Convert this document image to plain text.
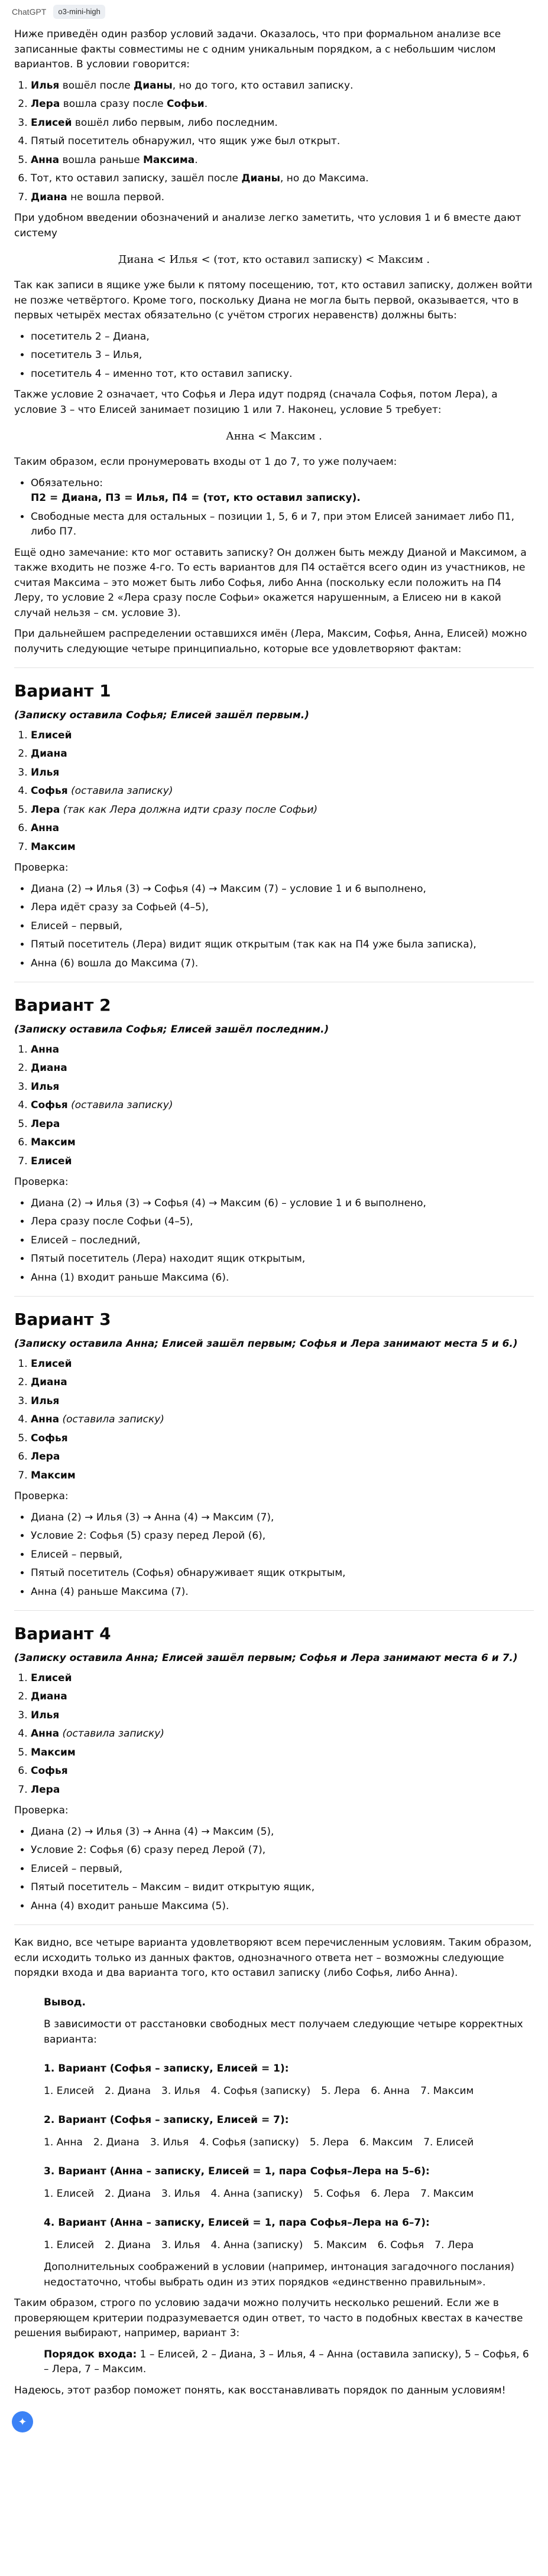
ChatGPT	o3-mini-high

Ниже приведён один разбор условий задачи. Оказалось, что при формальном анализе все записанные факты совместимы не с одним уникальным порядком, а с небольшим числом вариантов. В условии говорится:

1. Илья вошёл после Дианы, но до того, кто оставил записку.
2. Лера вошла сразу после Софьи.
3. Елисей вошёл либо первым, либо последним.
4. Пятый посетитель обнаружил, что ящик уже был открыт.
5. Анна вошла раньше Максима.
6. Тот, кто оставил записку, зашёл после Дианы, но до Максима.
7. Диана не вошла первой.

При удобном введении обозначений и анализе легко заметить, что условия 1 и 6 вместе дают систему

Диана < Илья < (тот, кто оставил записку) < Максим .

Так как записи в ящике уже были к пятому посещению, тот, кто оставил записку, должен войти не позже четвёртого. Кроме того, поскольку Диана не могла быть первой, оказывается, что в первых четырёх местах обязательно (с учётом строгих неравенств) должны быть:

• посетитель 2 – Диана,
• посетитель 3 – Илья,
• посетитель 4 – именно тот, кто оставил записку.

Также условие 2 означает, что Софья и Лера идут подряд (сначала Софья, потом Лера), а условие 3 – что Елисей занимает позицию 1 или 7. Наконец, условие 5 требует:

Анна < Максим .

Таким образом, если пронумеровать входы от 1 до 7, то уже получаем:

• Обязательно:
П2 = Диана, П3 = Илья, П4 = (тот, кто оставил записку).
• Свободные места для остальных – позиции 1, 5, 6 и 7, при этом Елисей занимает либо П1, либо П7.

Ещё одно замечание: кто мог оставить записку? Он должен быть между Дианой и Максимом, а также входить не позже 4-го. То есть вариантов для П4 остаётся всего один из участников, не считая Максима – это может быть либо Софья, либо Анна (поскольку если положить на П4 Леру, то условие 2 «Лера сразу после Софьи» окажется нарушенным, а Елисею ни в какой случай нельзя – см. условие 3).

При дальнейшем распределении оставшихся имён (Лера, Максим, Софья, Анна, Елисей) можно получить следующие четыре принципиально, которые все удовлетворяют фактам:

Вариант 1
(Записку оставила Софья; Елисей зашёл первым.)
1. Елисей
2. Диана
3. Илья
4. Софья (оставила записку)
5. Лера (так как Лера должна идти сразу после Софьи)
6. Анна
7. Максим

Проверка:

• Диана (2) → Илья (3) → Софья (4) → Максим (7) – условие 1 и 6 выполнено,
• Лера идёт сразу за Софьей (4–5),
• Елисей – первый,
• Пятый посетитель (Лера) видит ящик открытым (так как на П4 уже была записка),
• Анна (6) вошла до Максима (7).
Вариант 2
(Записку оставила Софья; Елисей зашёл последним.)
1. Анна
2. Диана
3. Илья
4. Софья (оставила записку)
5. Лера
6. Максим
7. Елисей

Проверка:

• Диана (2) → Илья (3) → Софья (4) → Максим (6) – условие 1 и 6 выполнено,
• Лера сразу после Софьи (4–5),
• Елисей – последний,
• Пятый посетитель (Лера) находит ящик открытым,
• Анна (1) входит раньше Максима (6).
Вариант 3
(Записку оставила Анна; Елисей зашёл первым; Софья и Лера занимают места 5 и 6.)
1. Елисей
2. Диана
3. Илья
4. Анна (оставила записку)
5. Софья
6. Лера
7. Максим

Проверка:

• Диана (2) → Илья (3) → Анна (4) → Максим (7),
• Условие 2: Софья (5) сразу перед Лерой (6),
• Елисей – первый,
• Пятый посетитель (Софья) обнаруживает ящик открытым,
• Анна (4) раньше Максима (7).
Вариант 4
(Записку оставила Анна; Елисей зашёл первым; Софья и Лера занимают места 6 и 7.)
1. Елисей
2. Диана
3. Илья
4. Анна (оставила записку)
5. Максим
6. Софья
7. Лера

Проверка:

• Диана (2) → Илья (3) → Анна (4) → Максим (5),
• Условие 2: Софья (6) сразу перед Лерой (7),
• Елисей – первый,
• Пятый посетитель – Максим – видит открытую ящик,
• Анна (4) входит раньше Максима (5).

Как видно, все четыре варианта удовлетворяют всем перечисленным условиям. Таким образом, если исходить только из данных фактов, однозначного ответа нет – возможны следующие порядки входа и два варианта того, кто оставил записку (либо Софья, либо Анна).

Вывод.

В зависимости от расстановки свободных мест получаем следующие четыре корректных варианта:

1. Вариант (Софья – записку, Елисей = 1):
1. Елисей 2. Диана 3. Илья 4. Софья (записку) 5. Лера 6. Анна 7. Максим
2. Вариант (Софья – записку, Елисей = 7):
1. Анна 2. Диана 3. Илья 4. Софья (записку) 5. Лера 6. Максим 7. Елисей
3. Вариант (Анна – записку, Елисей = 1, пара Софья–Лера на 5–6):
1. Елисей 2. Диана 3. Илья 4. Анна (записку) 5. Софья 6. Лера 7. Максим
4. Вариант (Анна – записку, Елисей = 1, пара Софья–Лера на 6–7):
1. Елисей 2. Диана 3. Илья 4. Анна (записку) 5. Максим 6. Софья 7. Лера

Дополнительных соображений в условии (например, интонация загадочного послания) недостаточно, чтобы выбрать один из этих порядков «единственно правильным».

Таким образом, строго по условию задачи можно получить несколько решений. Если же в проверяющем критерии подразумевается один ответ, то часто в подобных квестах в качестве решения выбирают, например, вариант 3:

Порядок входа: 1 – Елисей, 2 – Диана, 3 – Илья, 4 – Анна (оставила записку), 5 – Софья, 6 – Лера, 7 – Максим.

Надеюсь, этот разбор поможет понять, как восстанавливать порядок по данным условиям!

✦
